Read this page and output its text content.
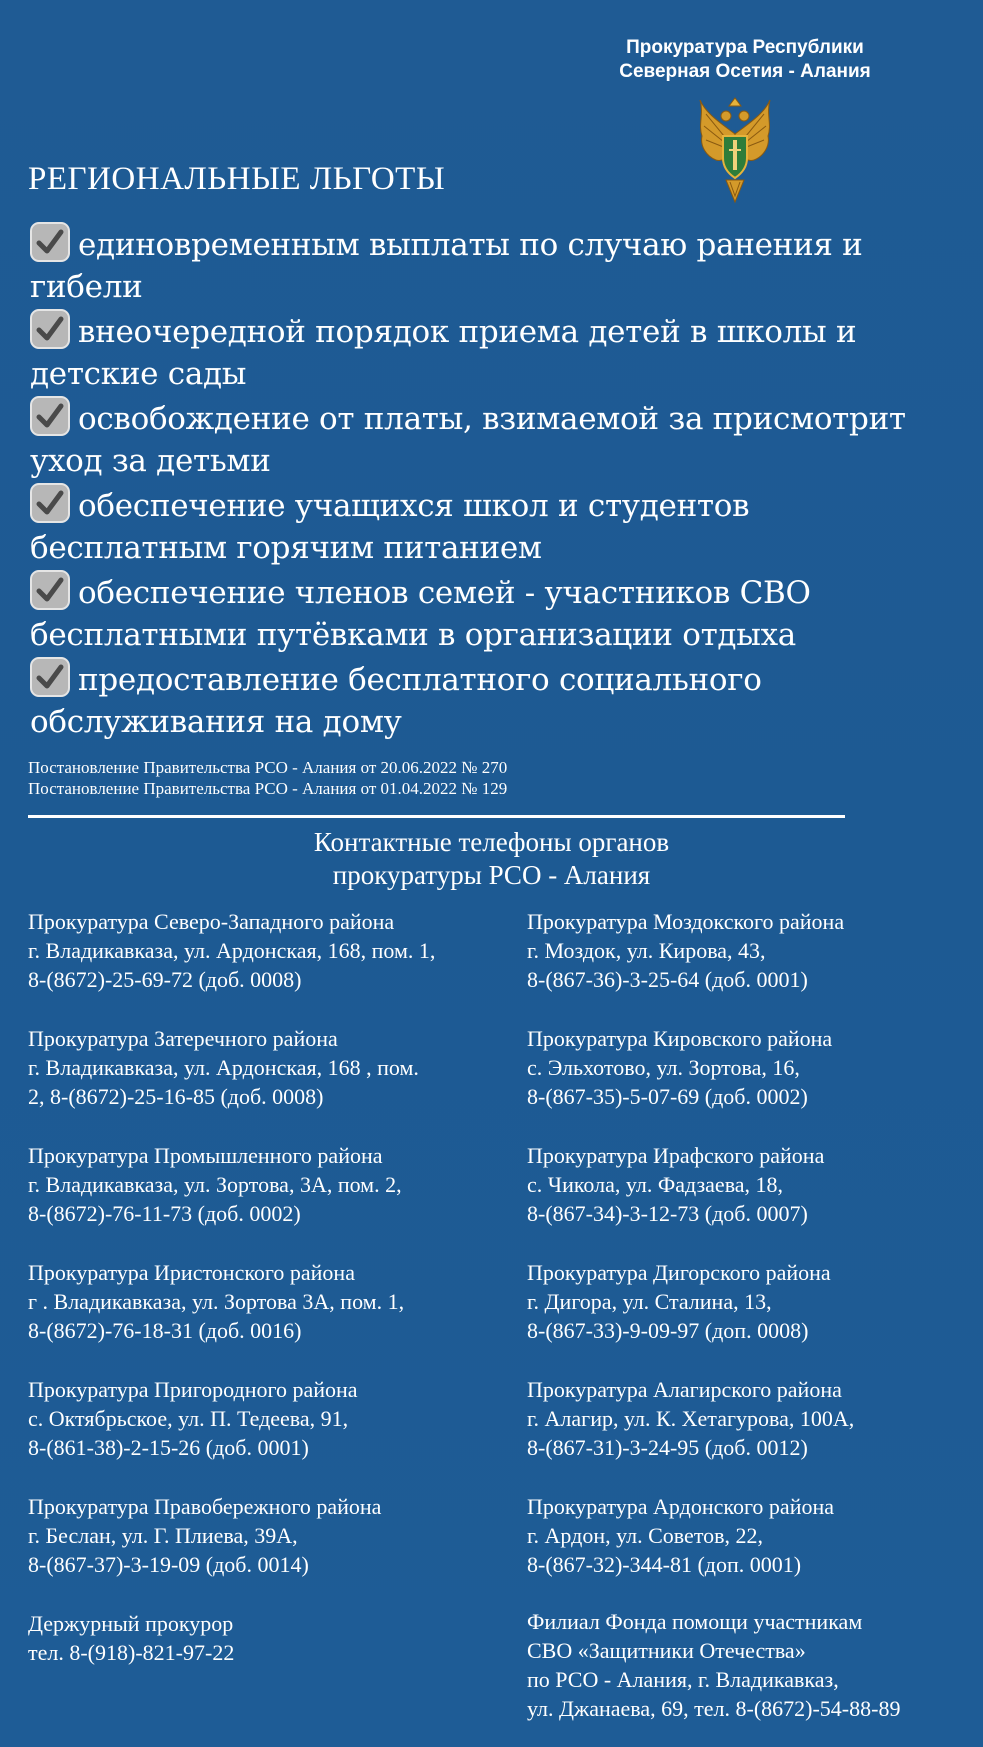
Прокуратура Республики
Северная Осетия - Алания
РЕГИОНАЛЬНЫЕ ЛЬГОТЫ
единовременным выплаты по случаю ранения и
гибели
внеочередной порядок приема детей в школы и
детские сады
освобождение от платы, взимаемой за присмотрит
уход за детьми
обеспечение учащихся школ и студентов
бесплатным горячим питанием
обеспечение членов семей - участников СВО
бесплатными путёвками в организации отдыха
предоставление бесплатного социального
обслуживания на дому
Постановление Правительства РСО - Алания от 20.06.2022 № 270
Постановление Правительства РСО - Алания от 01.04.2022 № 129
Контактные телефоны органов
прокуратуры РСО - Алания
Прокуратура Северо-Западного района
г. Владикавказа, ул. Ардонская, 168, пом. 1,
8-(8672)-25-69-72 (доб. 0008)
Прокуратура Затеречного района
г. Владикавказа, ул. Ардонская, 168 , пом.
2, 8-(8672)-25-16-85 (доб. 0008)
Прокуратура Промышленного района
г. Владикавказа, ул. Зортова, 3А, пом. 2,
8-(8672)-76-11-73 (доб. 0002)
Прокуратура Иристонского района
г . Владикавказа, ул. Зортова 3А, пом. 1,
8-(8672)-76-18-31 (доб. 0016)
Прокуратура Пригородного района
с. Октябрьское, ул. П. Тедеева, 91,
8-(861-38)-2-15-26 (доб. 0001)
Прокуратура Правобережного района
г. Беслан, ул. Г. Плиева, 39А,
8-(867-37)-3-19-09 (доб. 0014)
Держурный прокурор
тел. 8-(918)-821-97-22
Прокуратура Моздокского района
г. Моздок, ул. Кирова, 43,
8-(867-36)-3-25-64 (доб. 0001)
Прокуратура Кировского района
с. Эльхотово, ул. Зортова, 16,
8-(867-35)-5-07-69 (доб. 0002)
Прокуратура Ирафского района
с. Чикола, ул. Фадзаева, 18,
8-(867-34)-3-12-73 (доб. 0007)
Прокуратура Дигорского района
г. Дигора, ул. Сталина, 13,
8-(867-33)-9-09-97 (доп. 0008)
Прокуратура Алагирского района
г. Алагир, ул. К. Хетагурова, 100А,
8-(867-31)-3-24-95 (доб. 0012)
Прокуратура Ардонского района
г. Ардон, ул. Советов, 22,
8-(867-32)-344-81 (доп. 0001)
Филиал Фонда помощи участникам
СВО «Защитники Отечества»
по РСО - Алания, г. Владикавказ,
ул. Джанаева, 69, тел. 8-(8672)-54-88-89
